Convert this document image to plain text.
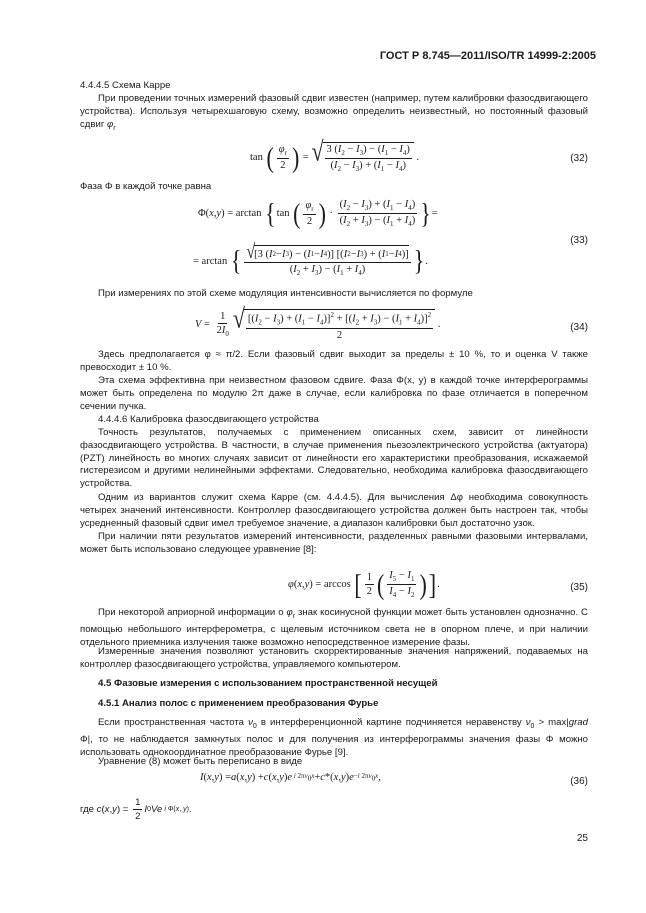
ГОСТ Р 8.745—2011/ISO/TR 14999-2:2005
4.4.4.5 Схема Карре
При проведении точных измерений фазовый сдвиг известен (например, путем калибровки фазосдвигающего устройства). Используя четырехшаговую схему, возможно определить неизвестный, но постоянный фазовый сдвиг $\varphi_r$
tan ( $\frac{\varphi_r}{2}$ ) = √ $\frac{3 (I_2 - I_3) - (I_1 - I_4)}{(I_2 - I_3) + (I_1 - I_4)}$ .	(32)
Фаза Φ в каждой точке равна
Φ( x , y ) = arctan { tan ( $\frac{\varphi_r}{2}$ ) · $\frac{(I_2 - I_3) + (I_1 - I_4)}{(I_2 + I_3) - (I_1 + I_4)}$ } =
= arctan { $\frac{√ [3 ( I 2 - I 3 ) - ( I 1 - I 4 )] [( I 2 - I 3 ) + ( I 1 - I 4 )]}{(I_2 + I_3) - (I_1 + I_4)}$ } .
(33)
При измерениях по этой схеме модуляция интенсивности вычисляется по формуле
$V = \frac{1}{2I_0}$ √ $\frac{[(I_2 - I_3) + (I_1 - I_4)]^2 + [(I_2 + I_3) - (I_1 + I_4)]^2}{2}$ .	(34)
Здесь предполагается φ ≈ π/2. Если фазовый сдвиг выходит за пределы ± 10 %, то и оценка V также превосходит ± 10 %.
Эта схема эффективна при неизвестном фазовом сдвиге. Фаза Φ(x, y) в каждой точке интерферограммы может быть определена по модулю 2π даже в случае, если калибровка по фазе отличается в поперечном сечении пучка.
4.4.4.6 Калибровка фазосдвигающего устройства
Точность результатов, получаемых с применением описанных схем, зависит от линейности фазосдвигающего устройства. В частности, в случае применения пьезоэлектрического устройства (актуатора) (PZT) линейность во многих случаях зависит от линейности его характеристики преобразования, искажаемой гистерезисом и другими нелинейными эффектами. Следовательно, необходима калибровка фазосдвигающего устройства.
Одним из вариантов служит схема Карре (см. 4.4.4.5). Для вычисления Δφ необходима совокупность четырех значений интенсивности. Контроллер фазосдвигающего устройства должен быть настроен так, чтобы усредненный фазовый сдвиг имел требуемое значение, а диапазон калибровки был достаточно узок.
При наличии пяти результатов измерений интенсивности, разделенных равными фазовыми интервалами, может быть использовано следующее уравнение [8]:
φ ( x , y ) = arccos [ $\frac{1}{2}$ ( $\frac{I_5 - I_1}{I_4 - I_2}$ ) ] .	(35)
При некоторой априорной информации о $\varphi_r$ знак косинусной функции может быть установлен однозначно. С помощью небольшого интерферометра, с щелевым источником света не в опорном плече, и при наличии отдельного приемника излучения также возможно непосредственное измерение фазы.
Измеренные значения позволяют установить скорректированные значения напряжений, подаваемых на контроллер фазосдвигающего устройства, управляемого компьютером.
4.5 Фазовые измерения с использованием пространственной несущей
4.5.1 Анализ полос с применением преобразования Фурье
Если пространственная частота $\nu_0$ в интерференционной картине подчиняется неравенству $\nu_0$ > max|grad Φ|, то не наблюдается замкнутых полос и для получения из интерферограммы значения фазы Φ можно использовать однокоординатное преобразование Фурье [9].
Уравнение (8) может быть переписано в виде
I ( x , y ) = a ( x , y ) + c ( x , y ) e i $2\pi\nu_0x + c$ *( x , y ) e −i $2\pi\nu_0x$ ,	(36)
где c ( x , y ) = $\frac{1}{2}$ I 0 Ve i Φ(x, y) .
25
